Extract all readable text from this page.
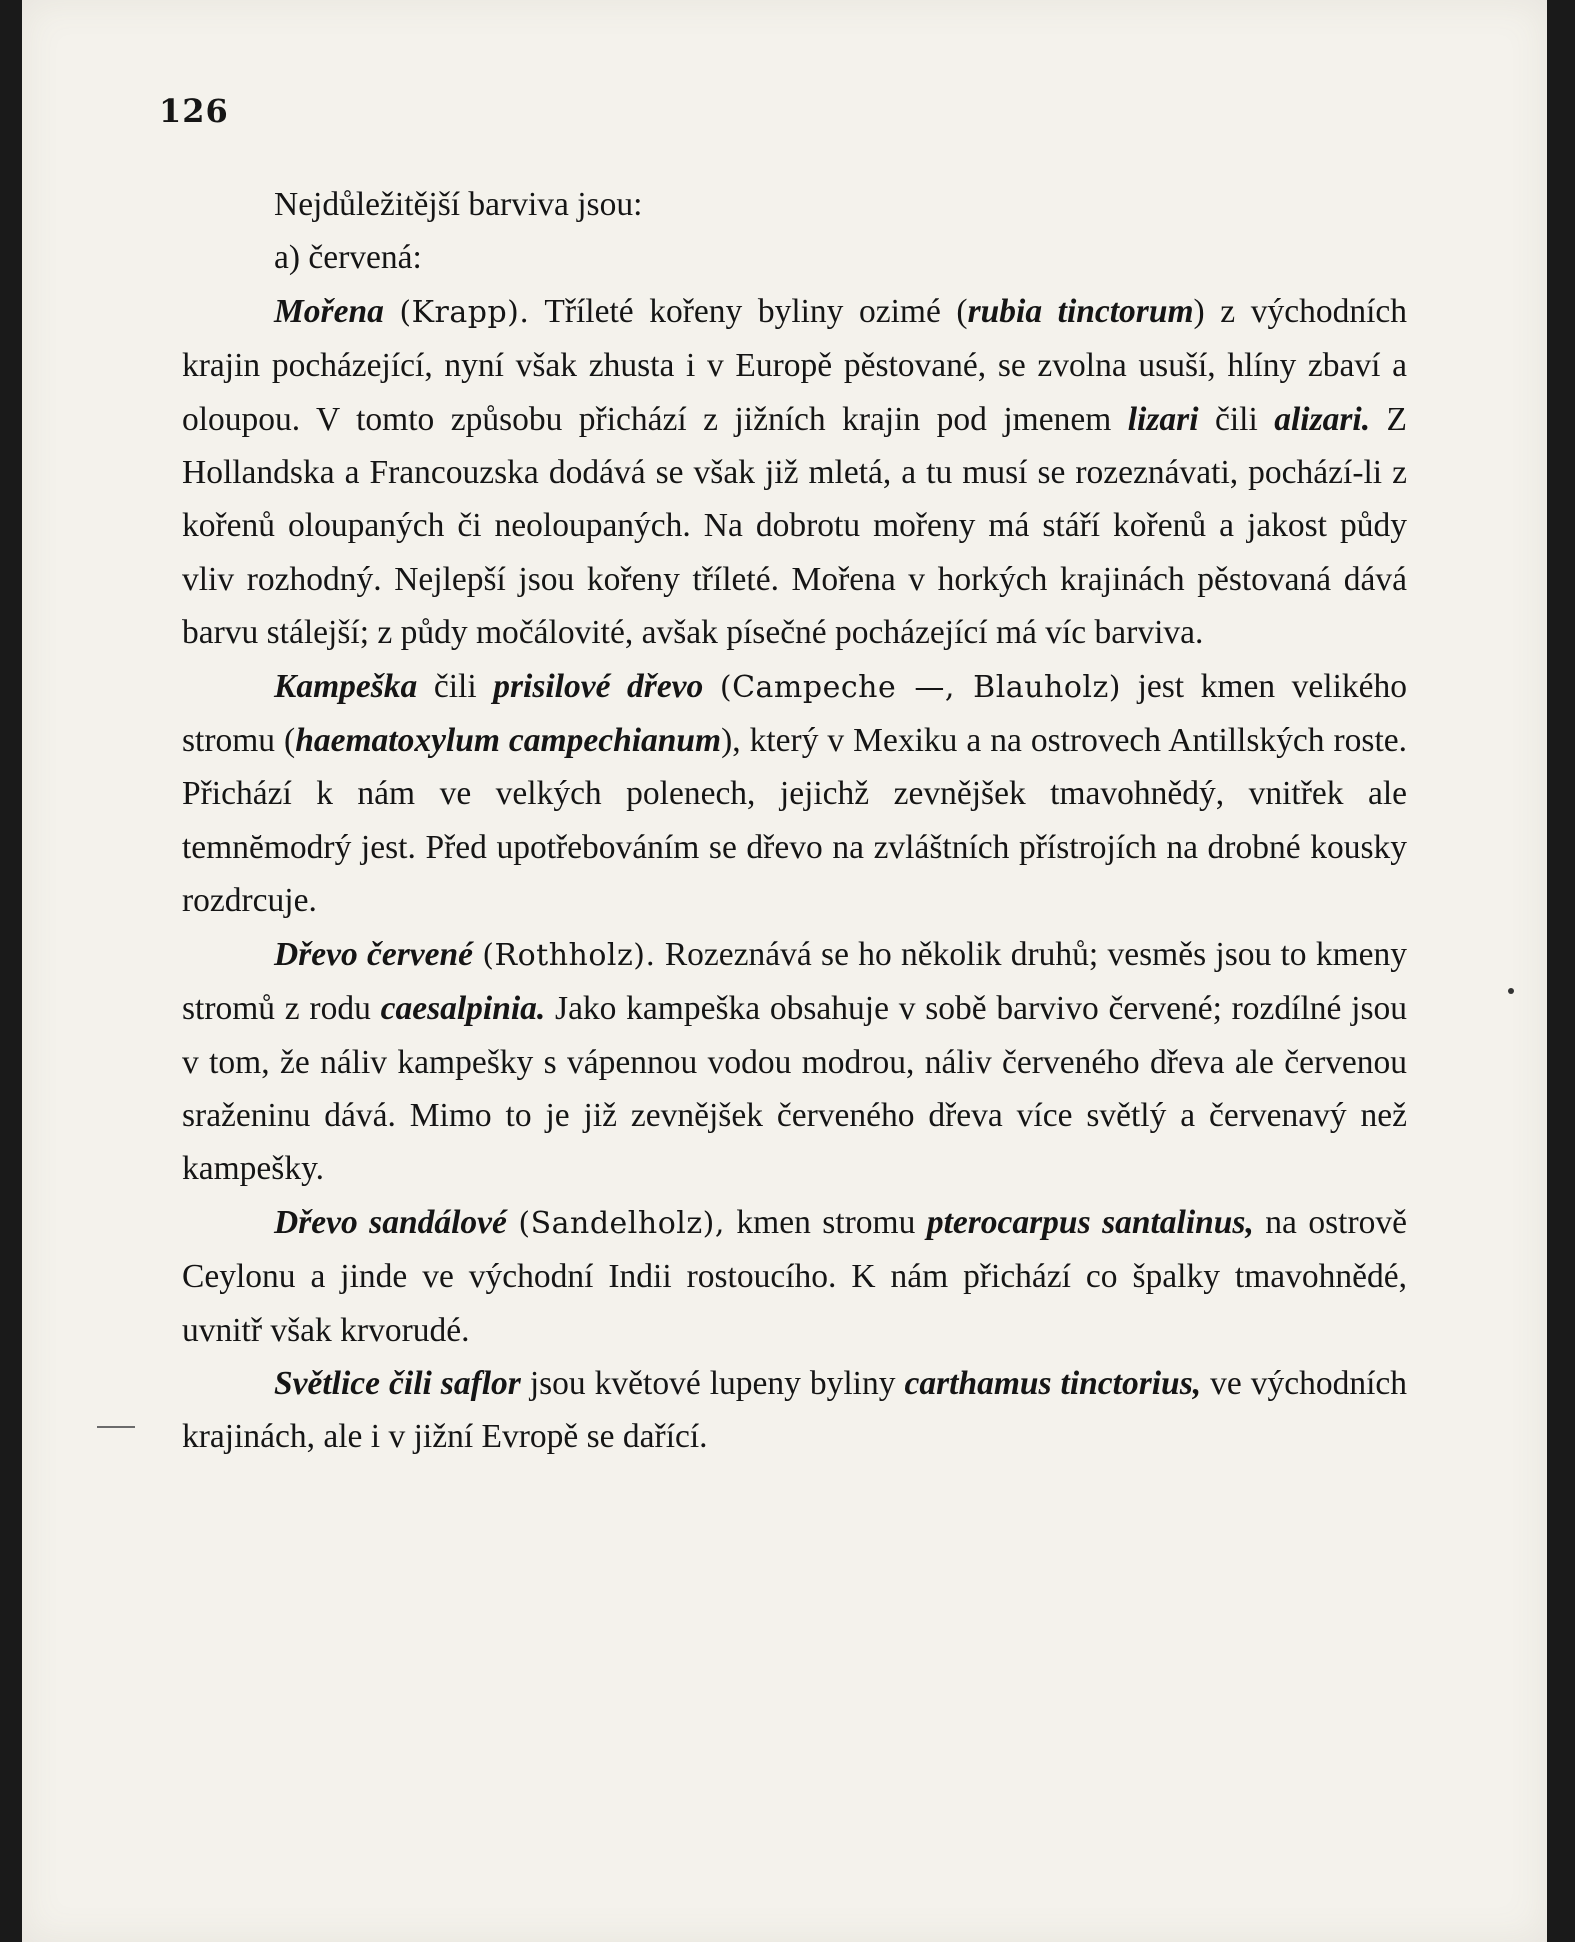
126

Nejdůležitější barviva jsou:

a) červená:

Mořena (Krapp). Tříleté kořeny byliny ozimé (rubia tinctorum) z východních krajin pocházející, nyní však zhusta i v Europě pěstované, se zvolna usuší, hlíny zbaví a oloupou. V tomto způsobu přichází z jižních krajin pod jmenem lizari čili alizari. Z Hollandska a Francouzska dodává se však již mletá, a tu musí se rozeznávati, pochází-li z kořenů oloupaných či neoloupaných. Na dobrotu mořeny má stáří kořenů a jakost půdy vliv rozhodný. Nejlepší jsou kořeny tříleté. Mořena v horkých krajinách pěstovaná dává barvu stálejší; z půdy močálovité, avšak písečné pocházející má víc barviva.

Kampeška čili prisilové dřevo (Campeche —, Blauholz) jest kmen velikého stromu (haematoxylum campechianum), který v Mexiku a na ostrovech Antillských roste. Přichází k nám ve velkých polenech, jejichž zevnějšek tmavohnědý, vnitřek ale temnĕmodrý jest. Před upotřebováním se dřevo na zvláštních přístrojích na drobné kousky rozdrcuje.

Dřevo červené (Rothholz). Rozeznává se ho několik druhů; vesměs jsou to kmeny stromů z rodu caesalpinia. Jako kampeška obsahuje v sobě barvivo červené; rozdílné jsou v tom, že náliv kampešky s vápennou vodou modrou, náliv červeného dřeva ale červenou sraženinu dává. Mimo to je již zevnějšek červeného dřeva více světlý a červenavý než kampešky.

Dřevo sandálové (Sandelholz), kmen stromu pterocarpus santalinus, na ostrově Ceylonu a jinde ve východní Indii rostoucího. K nám přichází co špalky tmavohnědé, uvnitř však krvorudé.

Světlice čili saflor jsou květové lupeny byliny carthamus tinctorius, ve východních krajinách, ale i v jižní Evropě se dařící.
